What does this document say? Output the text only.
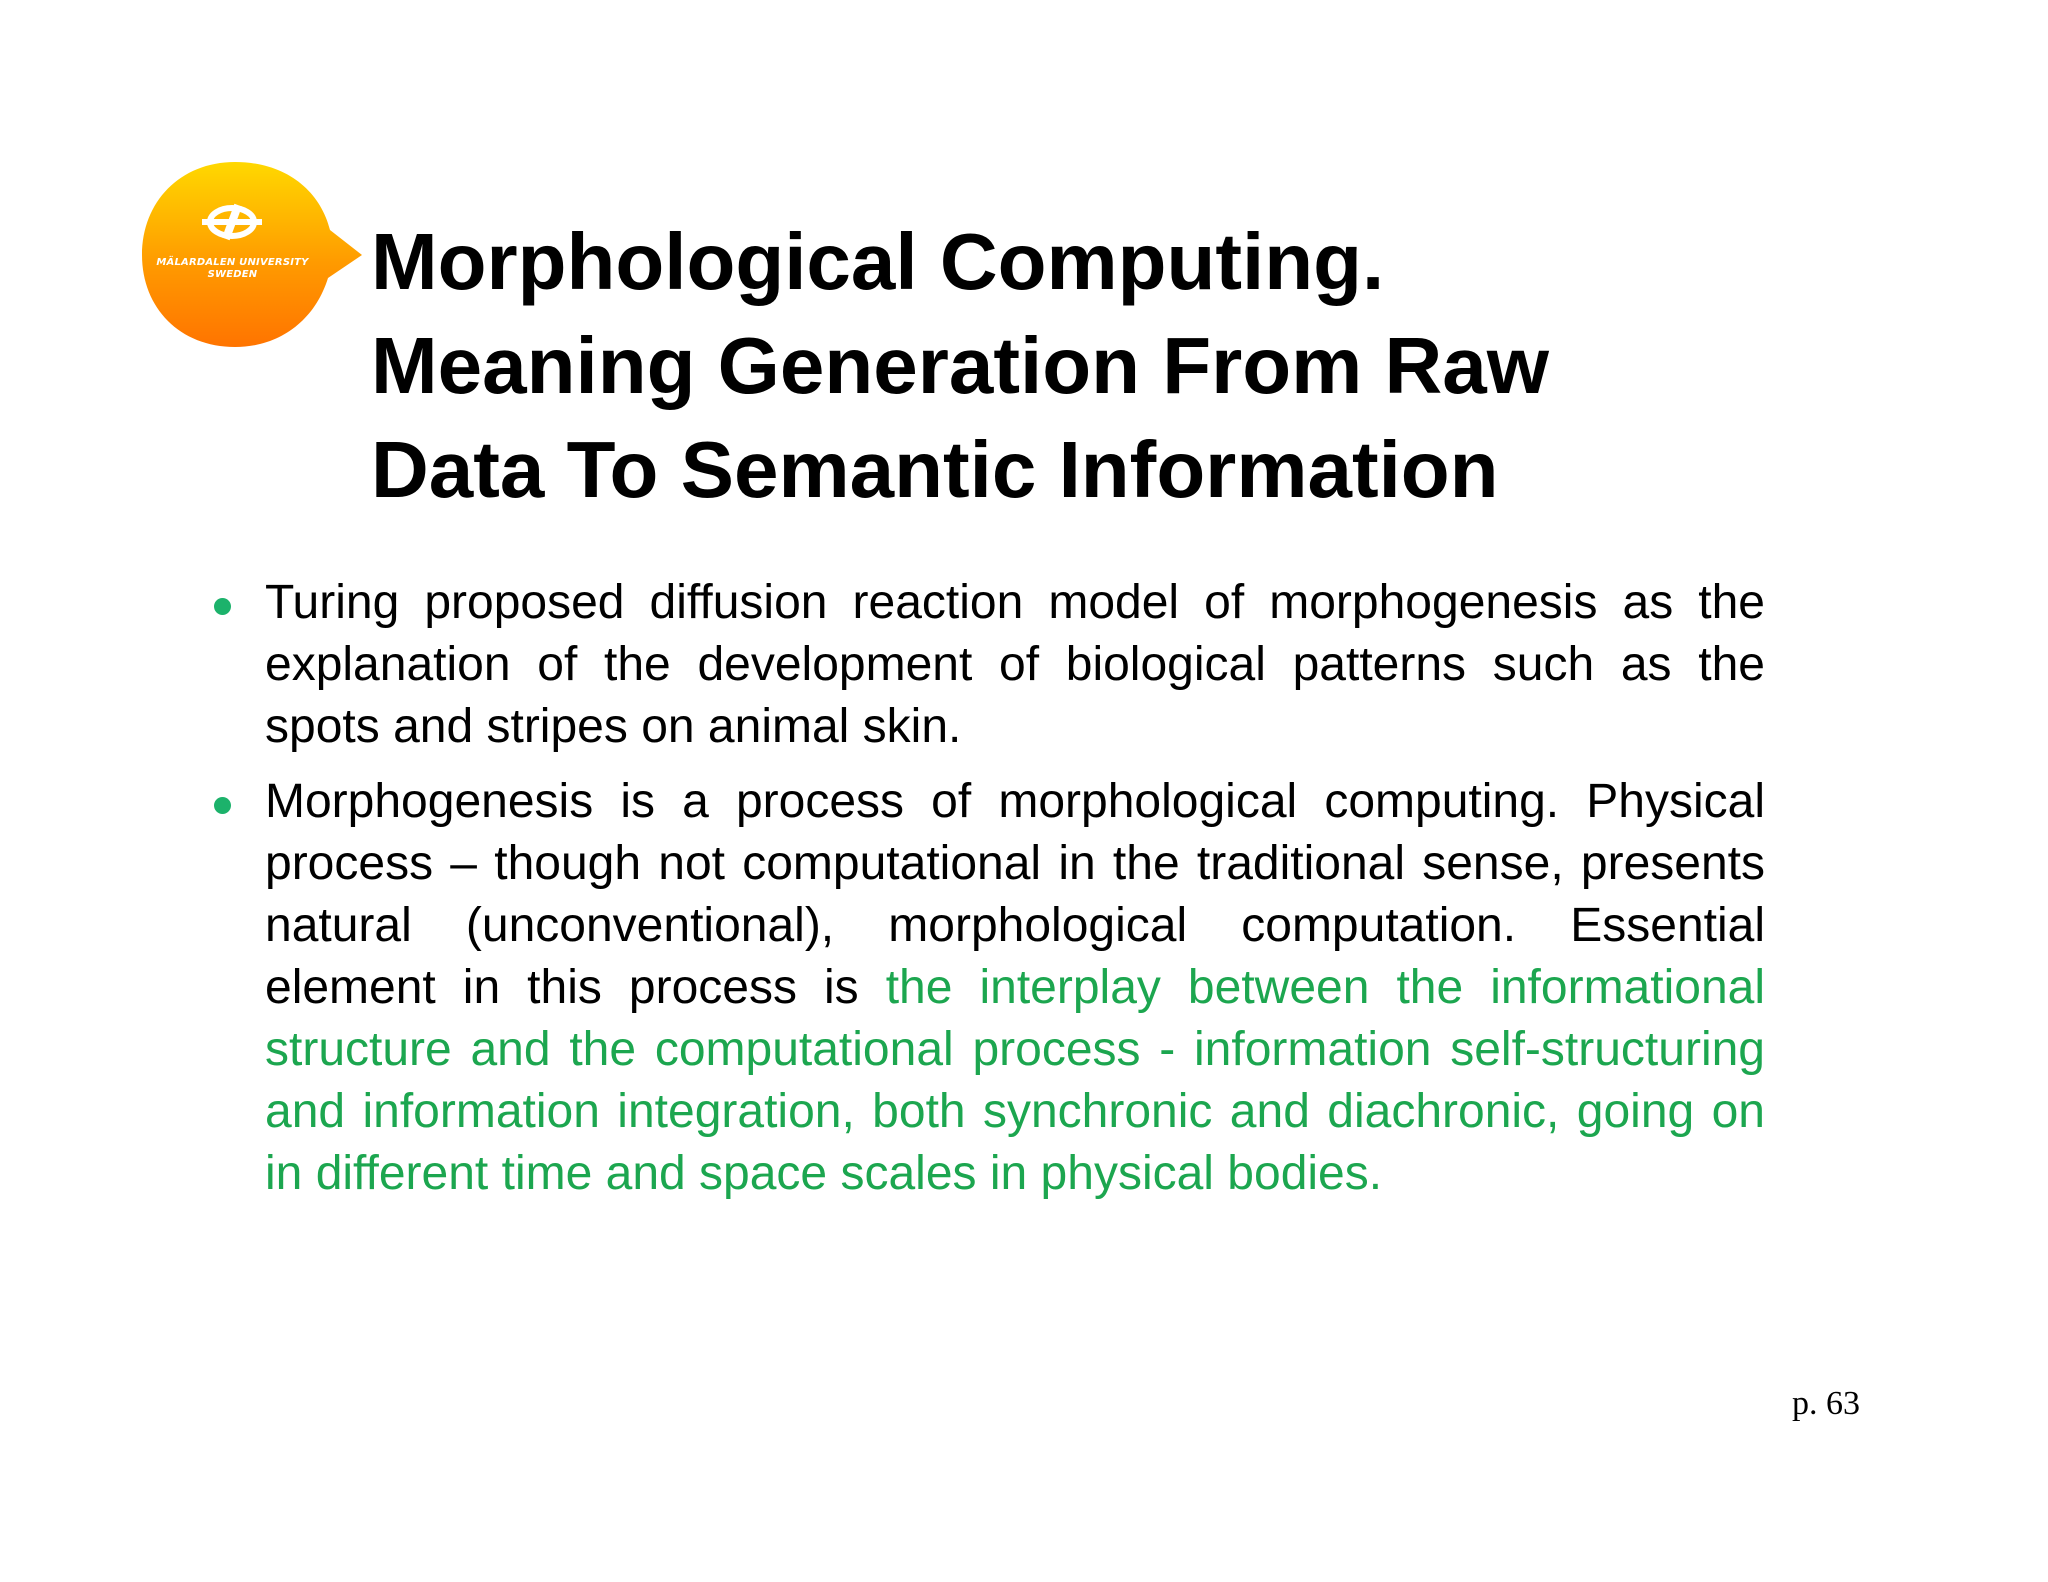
MÄLARDALEN UNIVERSITY
SWEDEN	Morphological Computing.
Meaning Generation From Raw
Data To Semantic Information
Turing proposed diffusion reaction model of morphogenesis as the explanation of the development of biological patterns such as the spots and stripes on animal skin.
Morphogenesis is a process of morphological computing. Physical process – though not computational in the traditional sense, presents natural (unconventional), morphological computation. Essential element in this process is the interplay between the informational structure and the computational process - information self-structuring and information integration, both synchronic and diachronic, going on in different time and space scales in physical bodies.
p. 63
